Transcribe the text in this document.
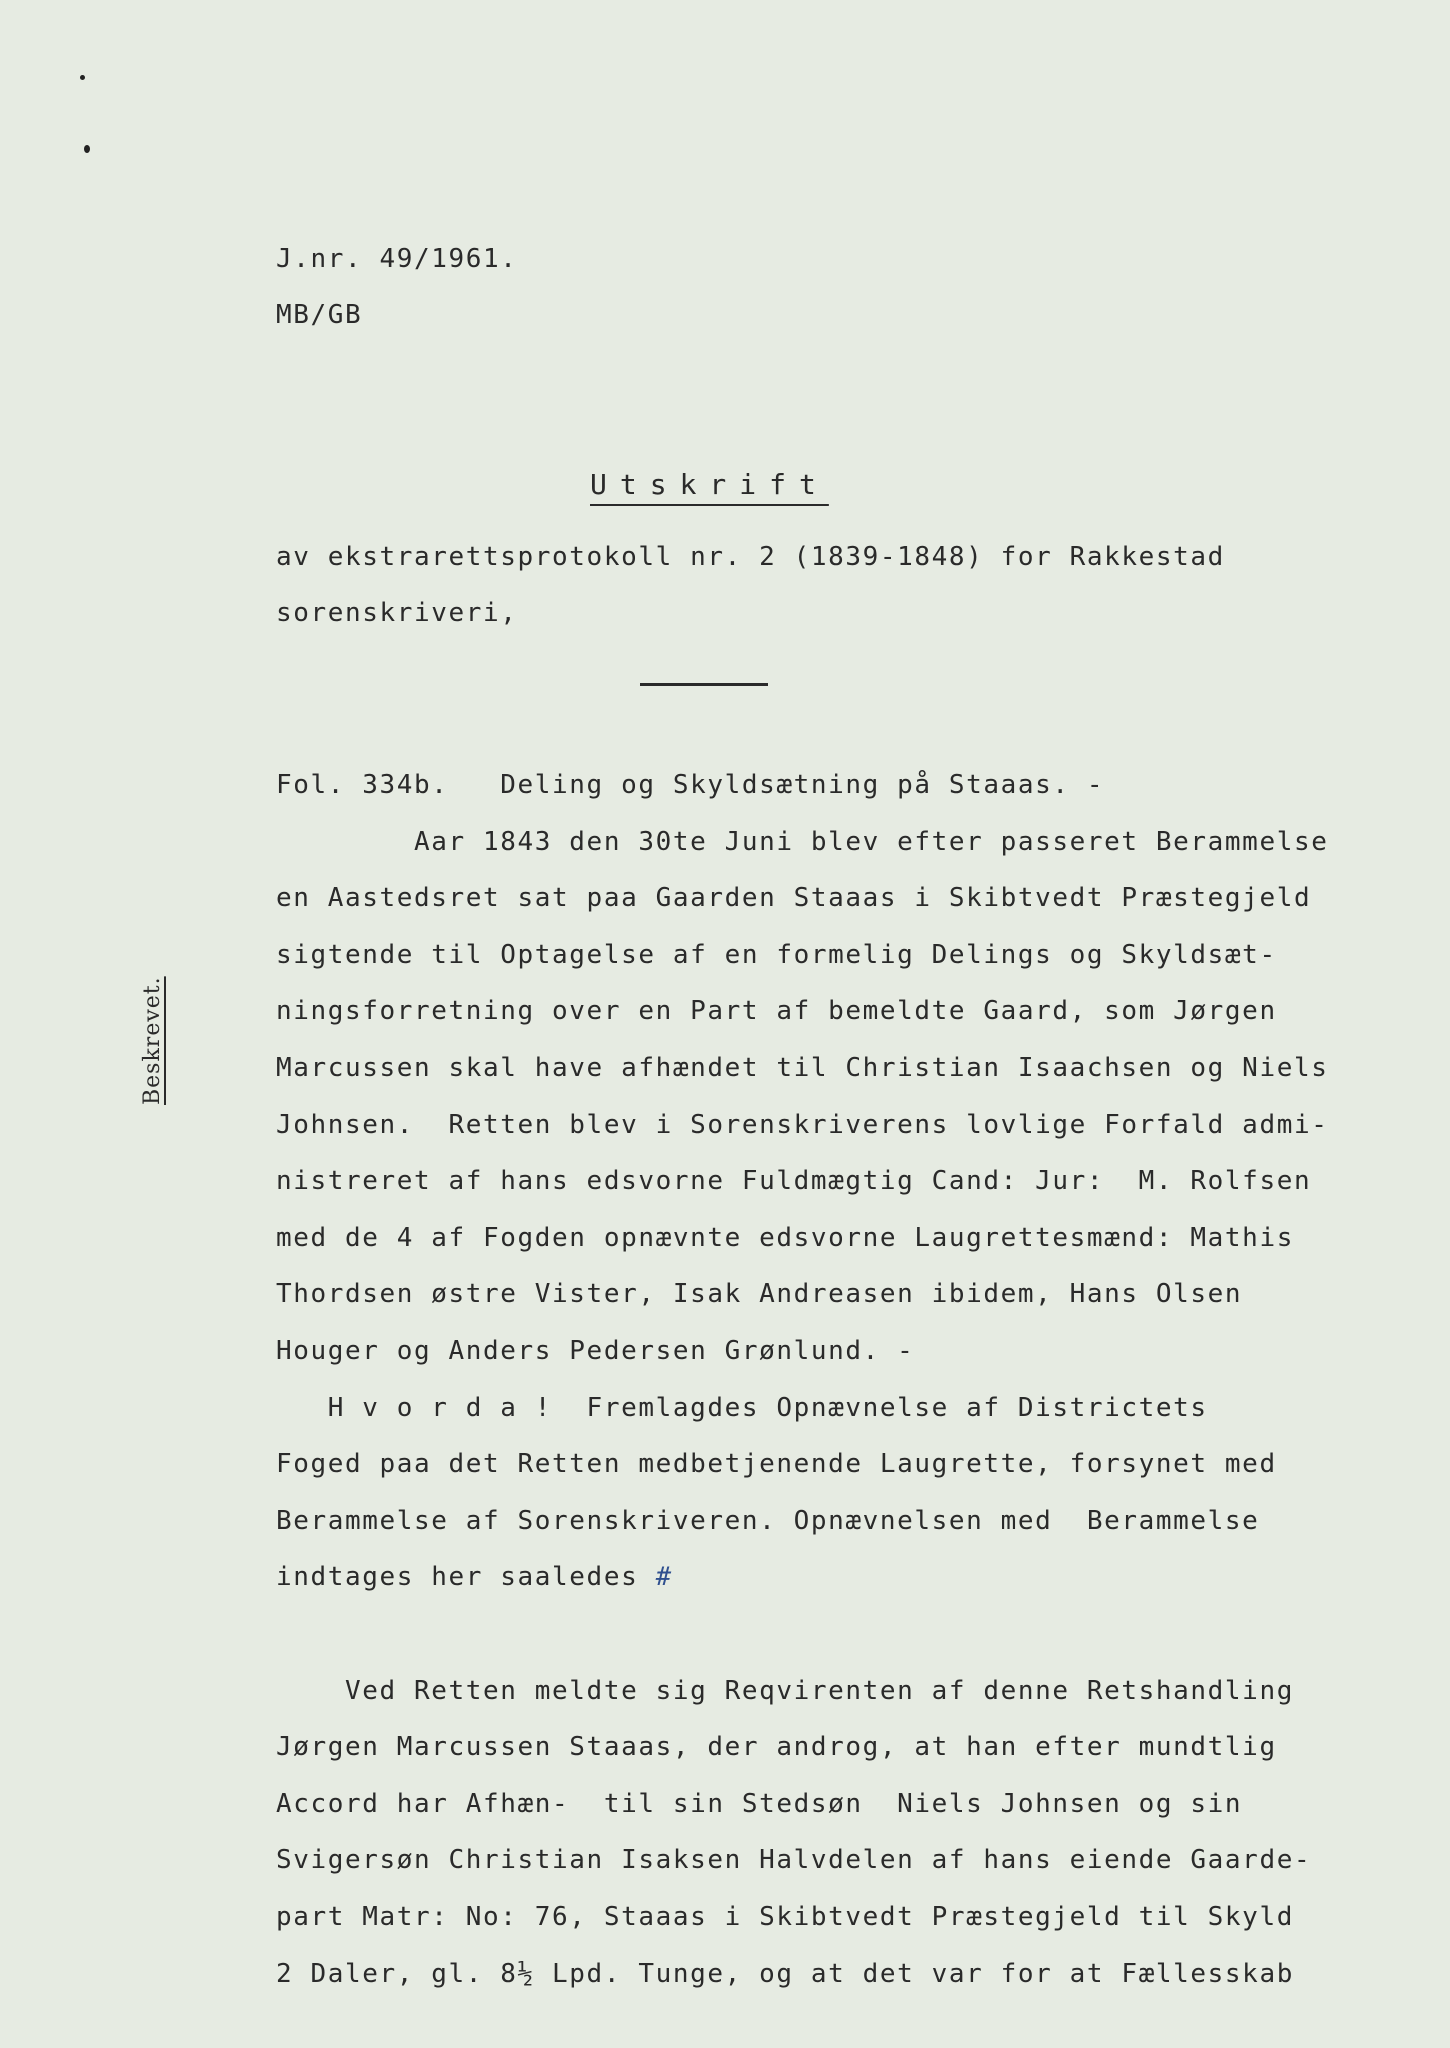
J.nr. 49/1961.
MB/GB
Utskrift
av ekstrarettsprotokoll nr. 2 (1839-1848) for Rakkestad
sorenskriveri,
Beskrevet.
Fol. 334b.   Deling og Skyldsætning på Staaas. -
Aar 1843 den 30te Juni blev efter passeret Berammelse
en Aastedsret sat paa Gaarden Staaas i Skibtvedt Præstegjeld
sigtende til Optagelse af en formelig Delings og Skyldsæt-
ningsforretning over en Part af bemeldte Gaard, som Jørgen
Marcussen skal have afhændet til Christian Isaachsen og Niels
Johnsen.  Retten blev i Sorenskriverens lovlige Forfald admi-
nistreret af hans edsvorne Fuldmægtig Cand: Jur:  M. Rolfsen
med de 4 af Fogden opnævnte edsvorne Laugrettesmænd: Mathis
Thordsen østre Vister, Isak Andreasen ibidem, Hans Olsen
Houger og Anders Pedersen Grønlund. -
H v o r d a !  Fremlagdes Opnævnelse af Districtets
Foged paa det Retten medbetjenende Laugrette, forsynet med
Berammelse af Sorenskriveren. Opnævnelsen med  Berammelse
indtages her saaledes #
Ved Retten meldte sig Reqvirenten af denne Retshandling
Jørgen Marcussen Staaas, der androg, at han efter mundtlig
Accord har Afhæn-  til sin Stedsøn  Niels Johnsen og sin
Svigersøn Christian Isaksen Halvdelen af hans eiende Gaarde-
part Matr: No: 76, Staaas i Skibtvedt Præstegjeld til Skyld
2 Daler, gl. 8½ Lpd. Tunge, og at det var for at Fællesskab
